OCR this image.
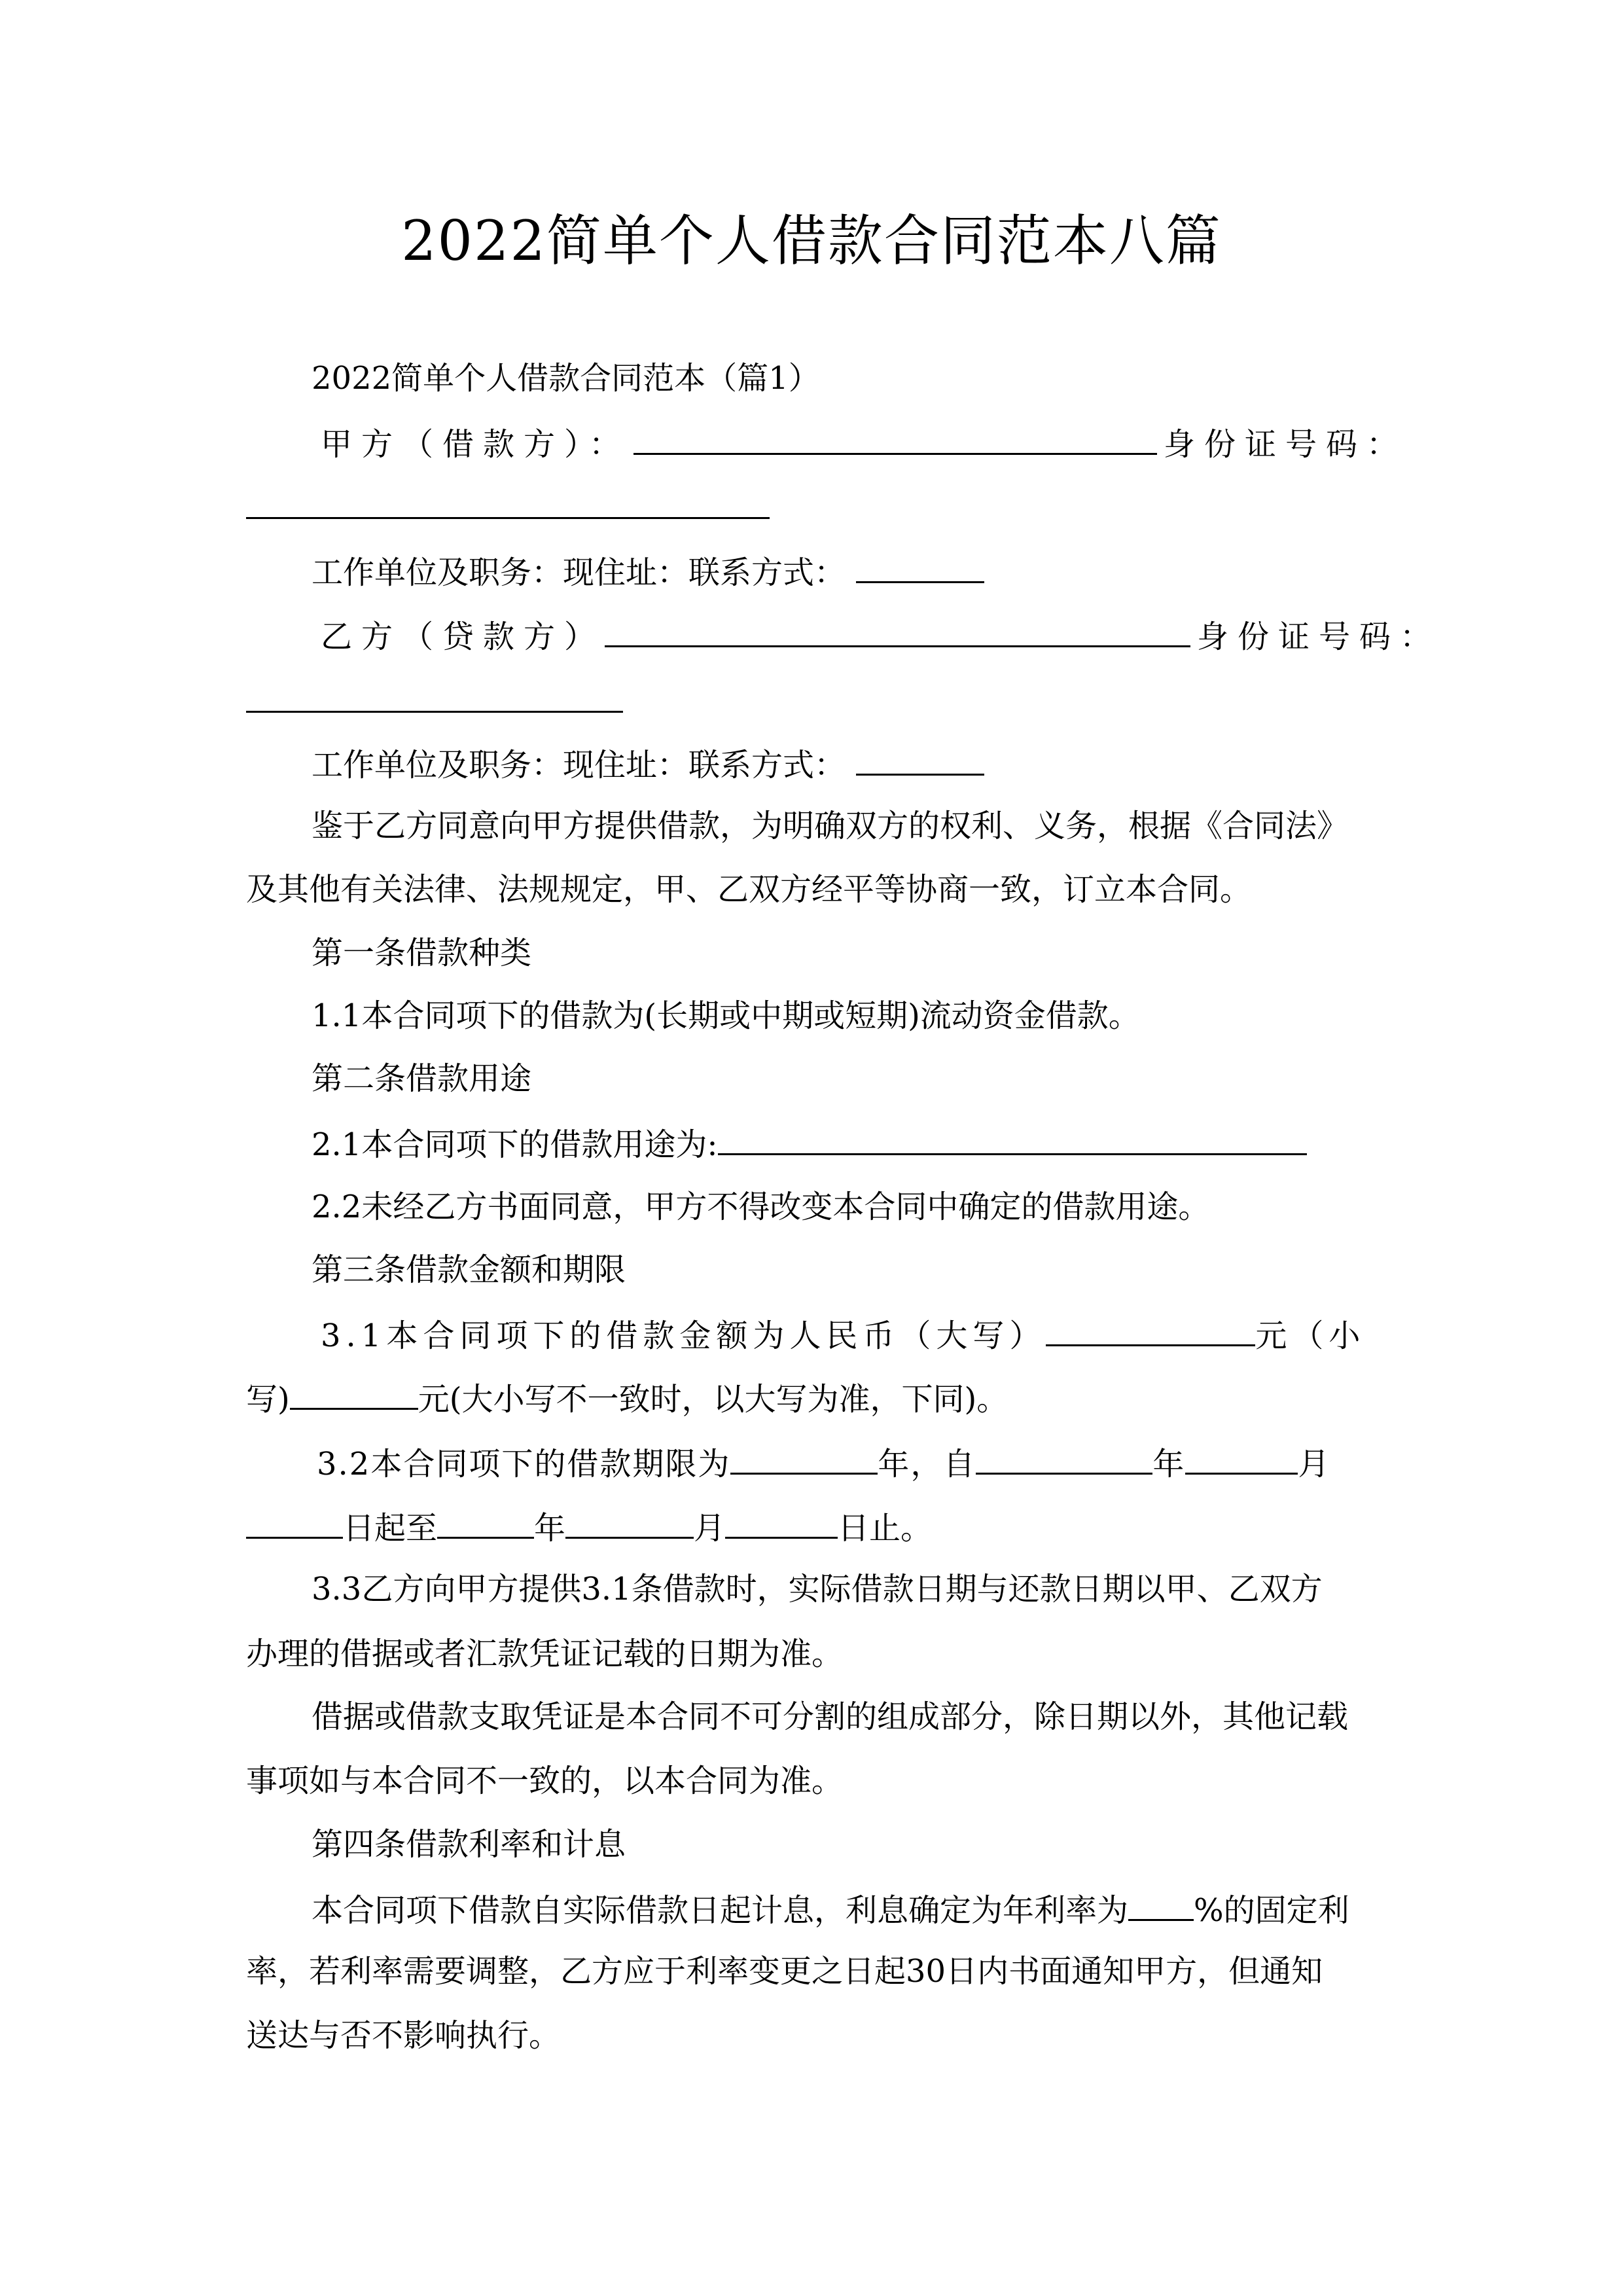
2022简单个人借款合同范本八篇
2022简单个人借款合同范本（篇1）
甲方（借款方）：	身份证号码：
工作单位及职务：现住址：联系方式：
乙方（贷款方）	身份证号码：
工作单位及职务：现住址：联系方式：
鉴于乙方同意向甲方提供借款，为明确双方的权利、义务，根据《合同法》
及其他有关法律、法规规定，甲、乙双方经平等协商一致，订立本合同。
第一条借款种类
1.1本合同项下的借款为(长期或中期或短期)流动资金借款。
第二条借款用途
2.1本合同项下的借款用途为:
2.2未经乙方书面同意，甲方不得改变本合同中确定的借款用途。
第三条借款金额和期限
3.1本合同项下的借款金额为人民币（大写）	元（小
写)	元(大小写不一致时，以大写为准，下同)。
3.2本合同项下的借款期限为	年，自	年	月
日起至	年	月	日止。
3.3乙方向甲方提供3.1条借款时，实际借款日期与还款日期以甲、乙双方
办理的借据或者汇款凭证记载的日期为准。
借据或借款支取凭证是本合同不可分割的组成部分，除日期以外，其他记载
事项如与本合同不一致的，以本合同为准。
第四条借款利率和计息
本合同项下借款自实际借款日起计息，利息确定为年利率为 %的固定利
率，若利率需要调整，乙方应于利率变更之日起30日内书面通知甲方，但通知
送达与否不影响执行。
